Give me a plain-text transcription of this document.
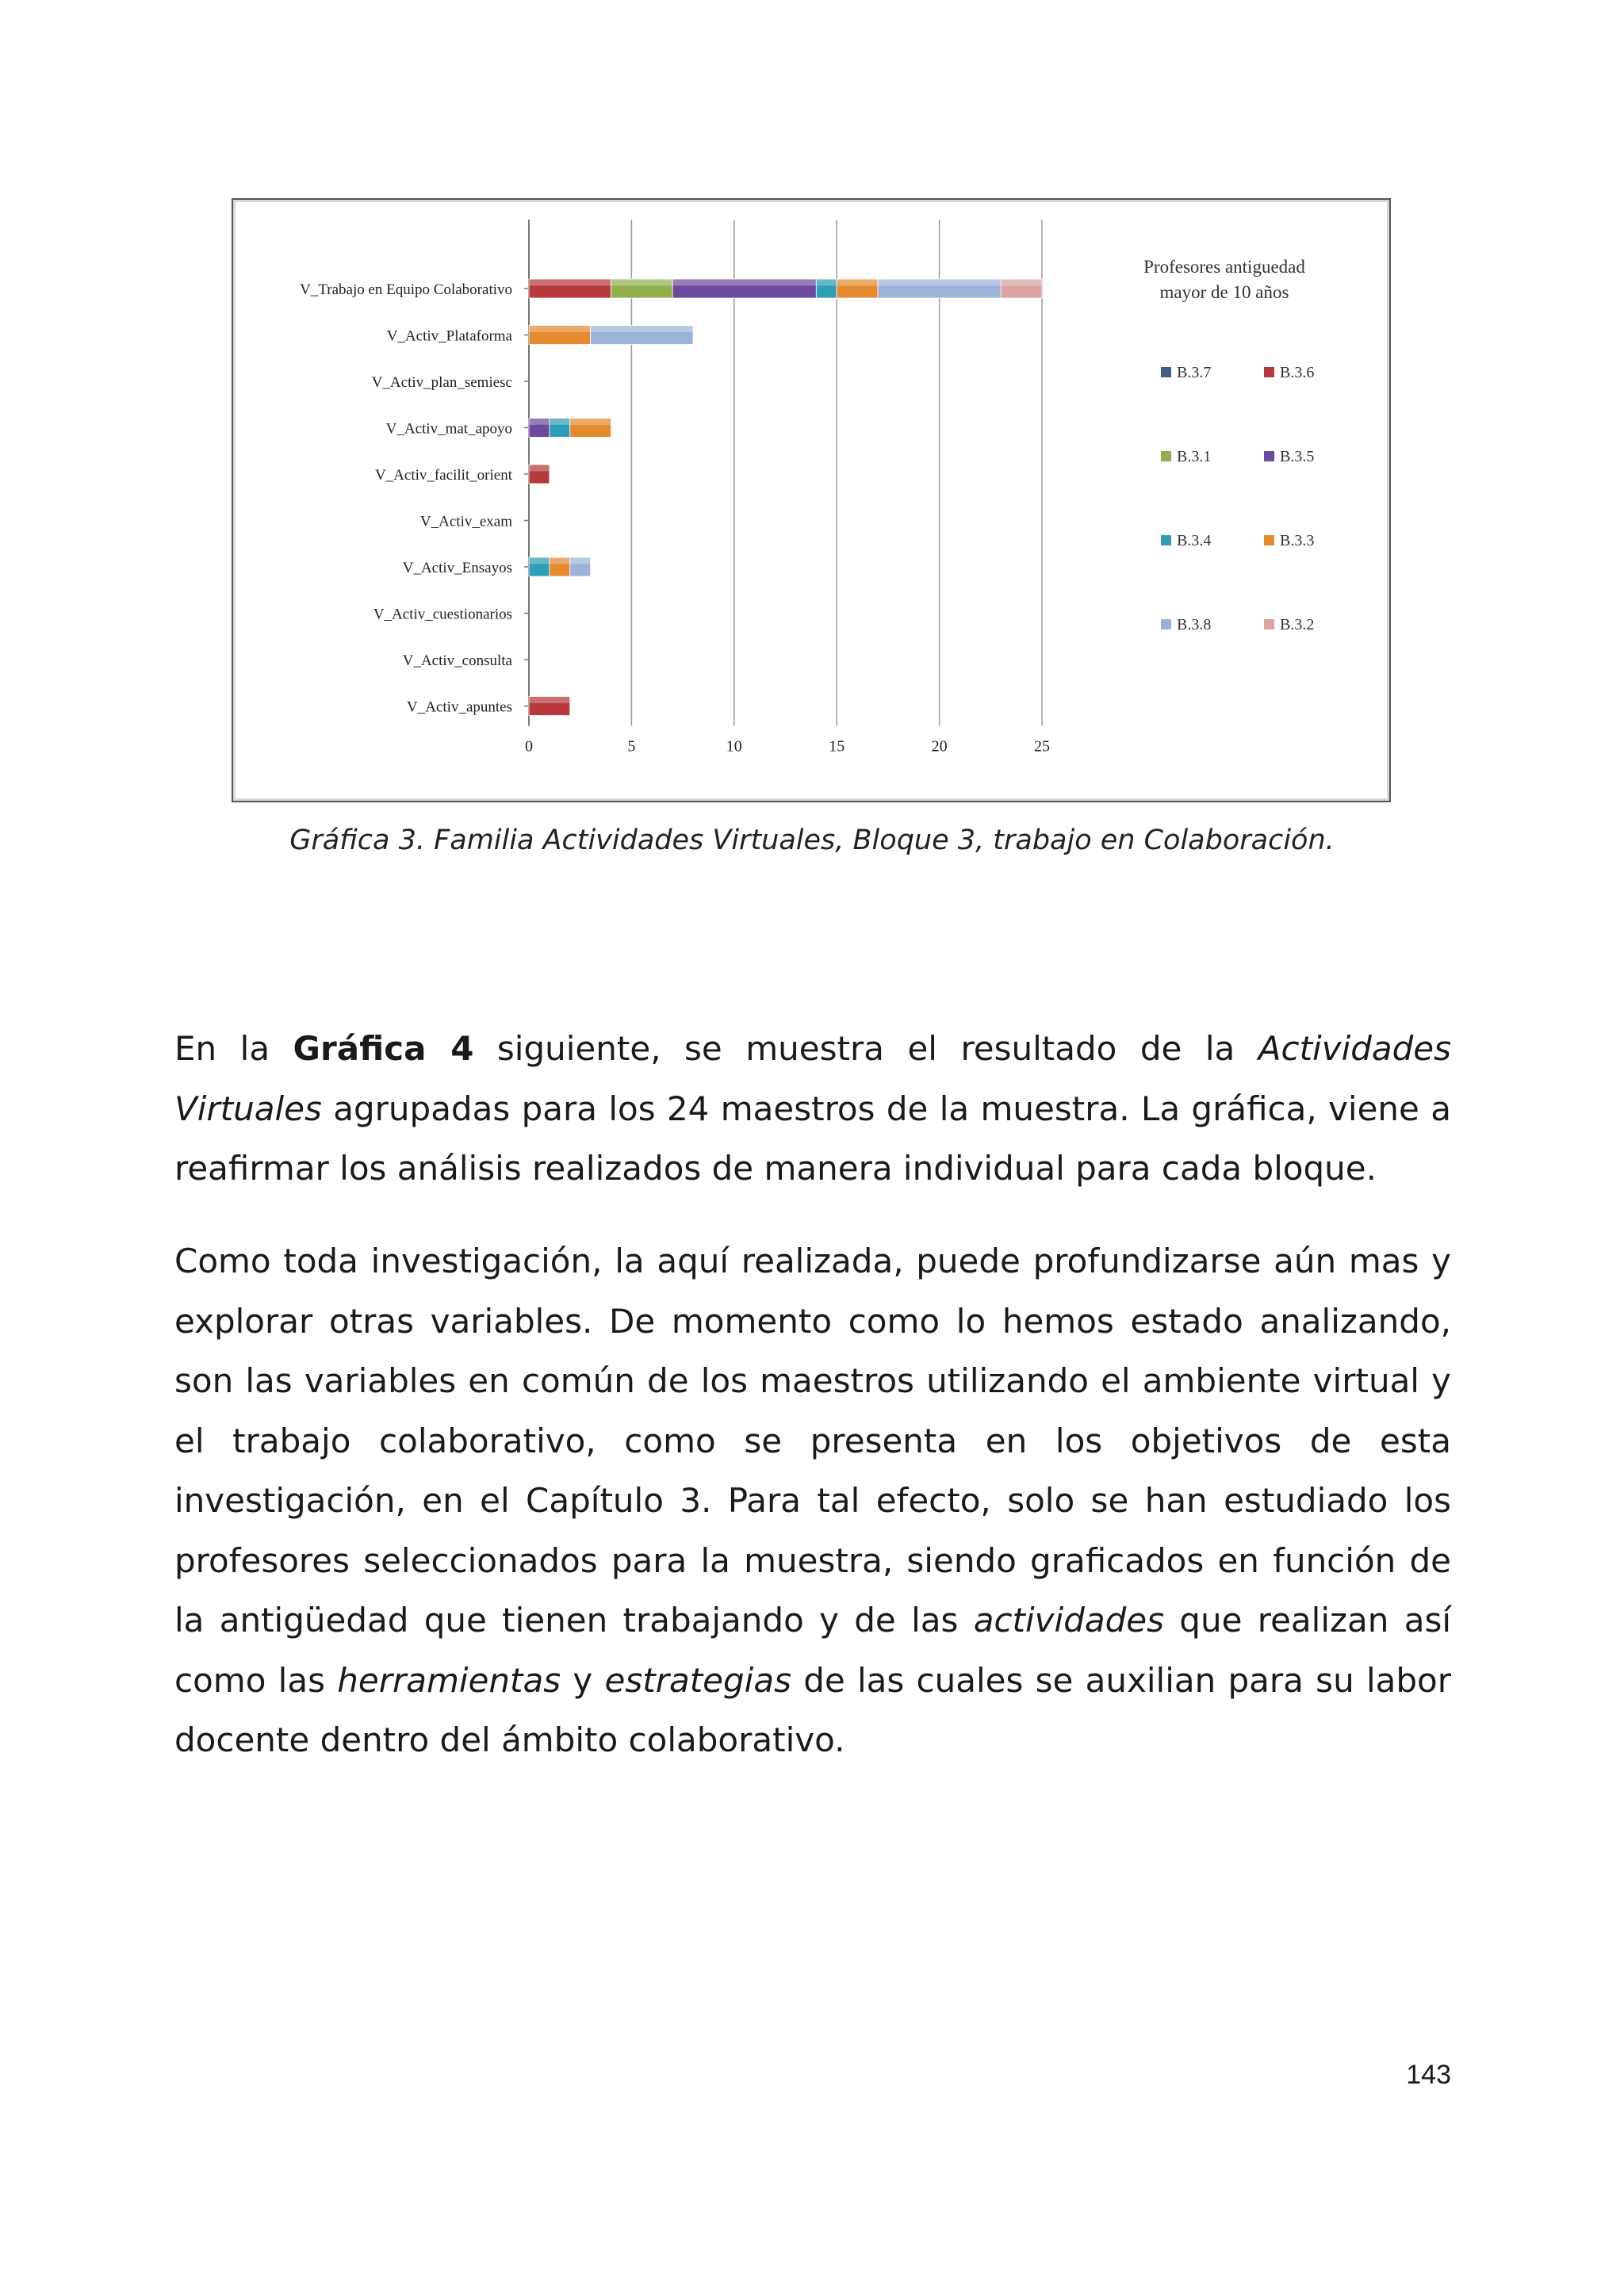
0	5	10	15	20	25
V_Trabajo en Equipo Colaborativo
V_Activ_Plataforma
V_Activ_plan_semiesc
V_Activ_mat_apoyo
V_Activ_facilit_orient
V_Activ_exam
V_Activ_Ensayos
V_Activ_cuestionarios
V_Activ_consulta
V_Activ_apuntes
Profesores antiguedad
mayor de 10 años
B.3.7	B.3.6
B.3.1	B.3.5
B.3.4	B.3.3
B.3.8	B.3.2
Gráfica 3. Familia Actividades Virtuales, Bloque 3, trabajo en Colaboración.

En la Gráfica 4 siguiente, se muestra el resultado de la Actividades Virtuales agrupadas para los 24 maestros de la muestra. La gráfica, viene a reafirmar los análisis realizados de manera individual para cada bloque.

Como toda investigación, la aquí realizada, puede profundizarse aún mas y explorar otras variables. De momento como lo hemos estado analizando, son las variables en común de los maestros utilizando el ambiente virtual y el trabajo colaborativo, como se presenta en los objetivos de esta investigación, en el Capítulo 3. Para tal efecto, solo se han estudiado los profesores seleccionados para la muestra, siendo graficados en función de la antigüedad que tienen trabajando y de las actividades que realizan así como las herramientas y estrategias de las cuales se auxilian para su labor docente dentro del ámbito colaborativo.

143
